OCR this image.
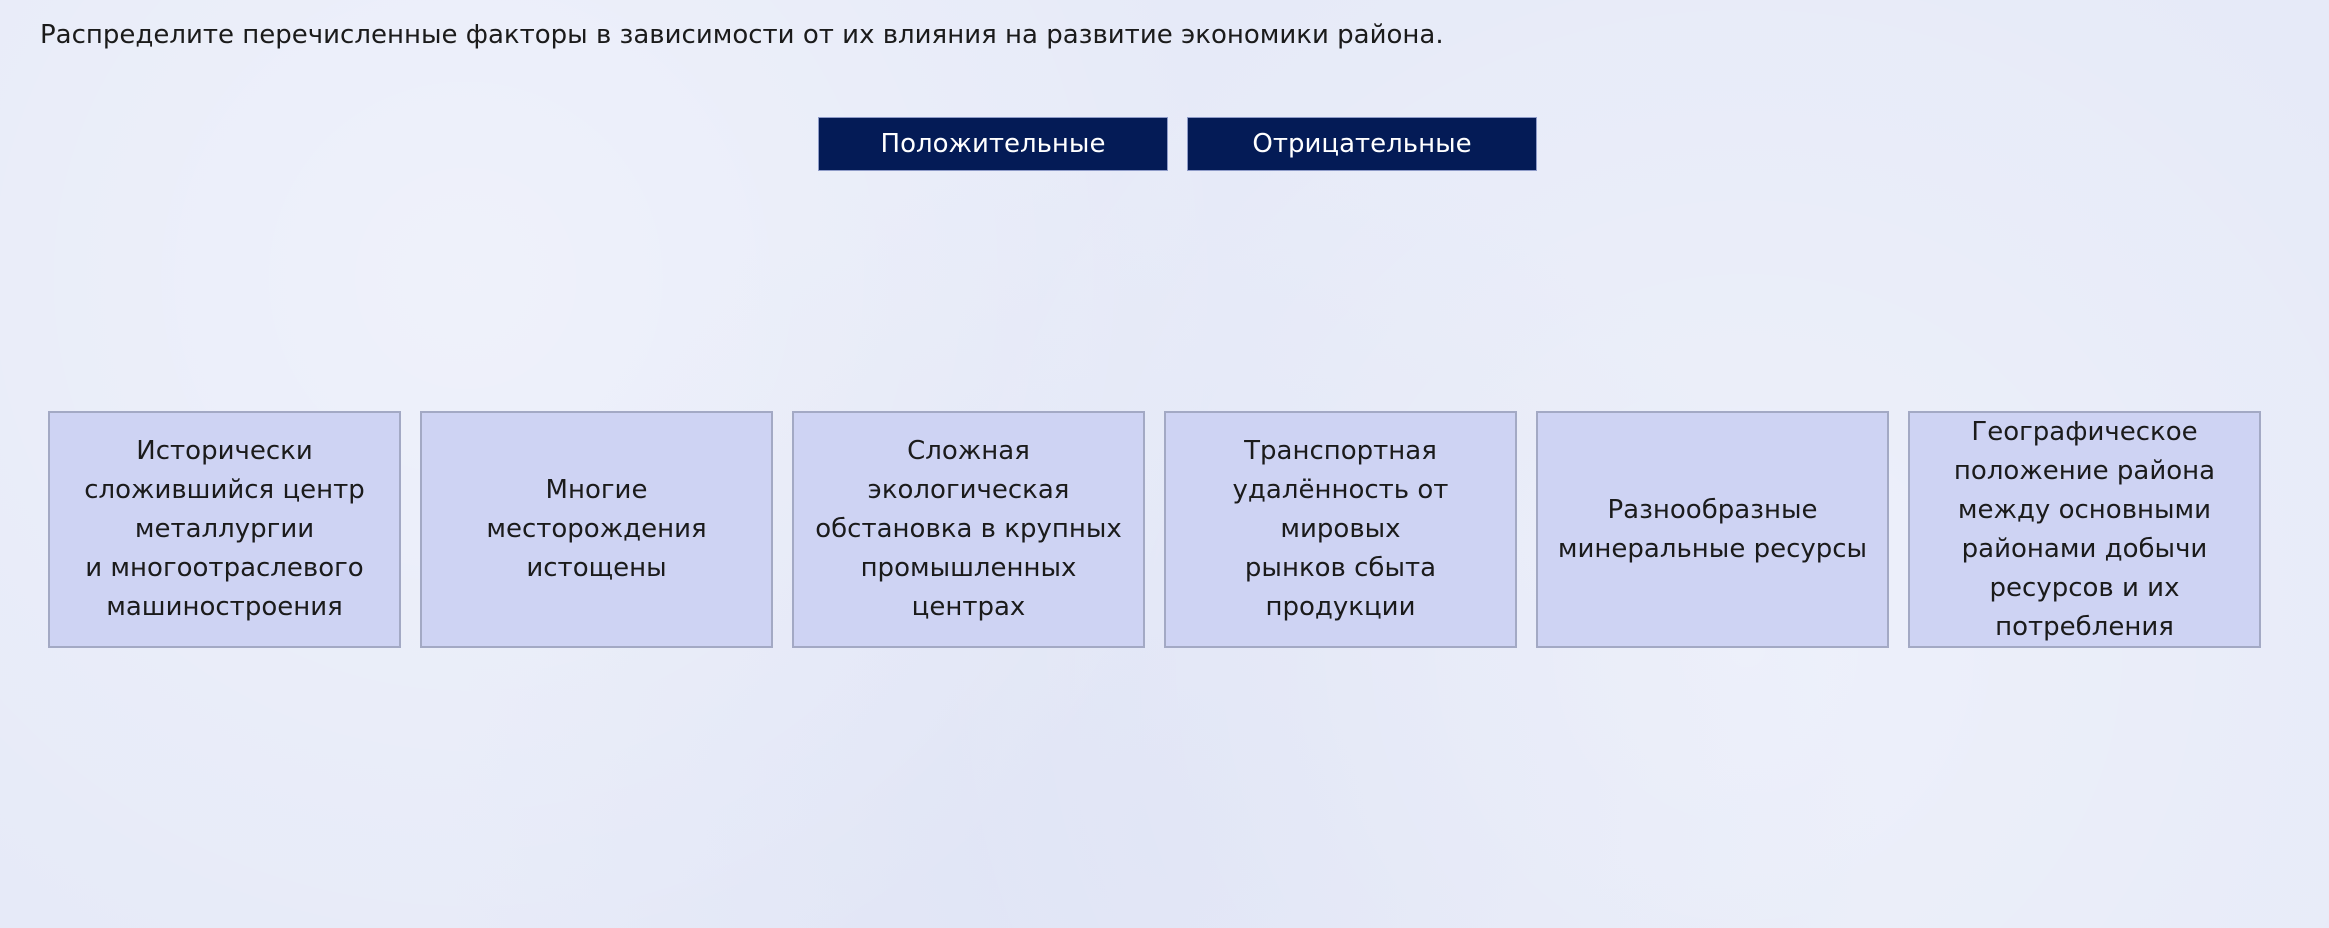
Распределите перечисленные факторы в зависимости от их влияния на развитие экономики района.
Положительные	Отрицательные
Исторически
сложившийся центр
металлургии
и многоотраслевого
машиностроения
Многие месторождения
истощены
Сложная экологическая
обстановка в крупных
промышленных центрах
Транспортная
удалённость от мировых
рынков сбыта продукции
Разнообразные
минеральные ресурсы
Географическое
положение района
между основными
районами добычи
ресурсов и их
потребления
